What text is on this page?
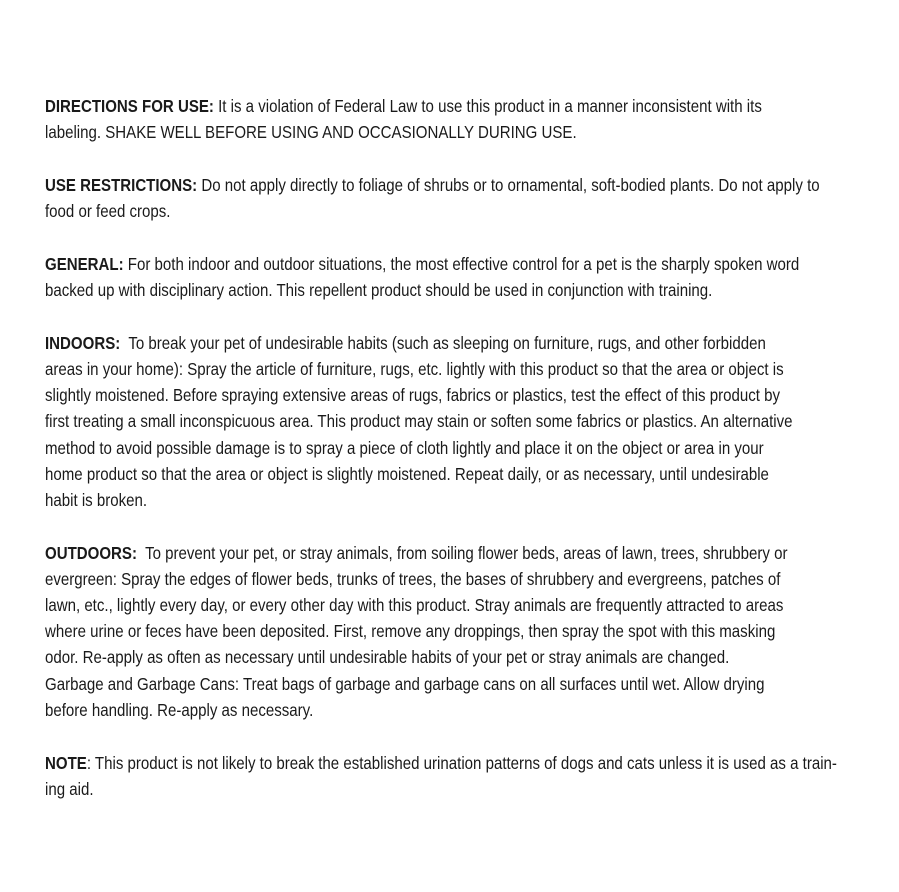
DIRECTIONS FOR USE: It is a violation of Federal Law to use this product in a manner inconsistent with its
labeling. SHAKE WELL BEFORE USING AND OCCASIONALLY DURING USE.
USE RESTRICTIONS: Do not apply directly to foliage of shrubs or to ornamental, soft-bodied plants. Do not apply to
food or feed crops.
GENERAL: For both indoor and outdoor situations, the most effective control for a pet is the sharply spoken word
backed up with disciplinary action. This repellent product should be used in conjunction with training.
INDOORS:  To break your pet of undesirable habits (such as sleeping on furniture, rugs, and other forbidden
areas in your home): Spray the article of furniture, rugs, etc. lightly with this product so that the area or object is
slightly moistened. Before spraying extensive areas of rugs, fabrics or plastics, test the effect of this product by
first treating a small inconspicuous area. This product may stain or soften some fabrics or plastics. An alternative
method to avoid possible damage is to spray a piece of cloth lightly and place it on the object or area in your
home product so that the area or object is slightly moistened. Repeat daily, or as necessary, until undesirable
habit is broken.
OUTDOORS:  To prevent your pet, or stray animals, from soiling flower beds, areas of lawn, trees, shrubbery or
evergreen: Spray the edges of flower beds, trunks of trees, the bases of shrubbery and evergreens, patches of
lawn, etc., lightly every day, or every other day with this product. Stray animals are frequently attracted to areas
where urine or feces have been deposited. First, remove any droppings, then spray the spot with this masking
odor. Re-apply as often as necessary until undesirable habits of your pet or stray animals are changed.
Garbage and Garbage Cans: Treat bags of garbage and garbage cans on all surfaces until wet. Allow drying
before handling. Re-apply as necessary.
NOTE: This product is not likely to break the established urination patterns of dogs and cats unless it is used as a train-
ing aid.
